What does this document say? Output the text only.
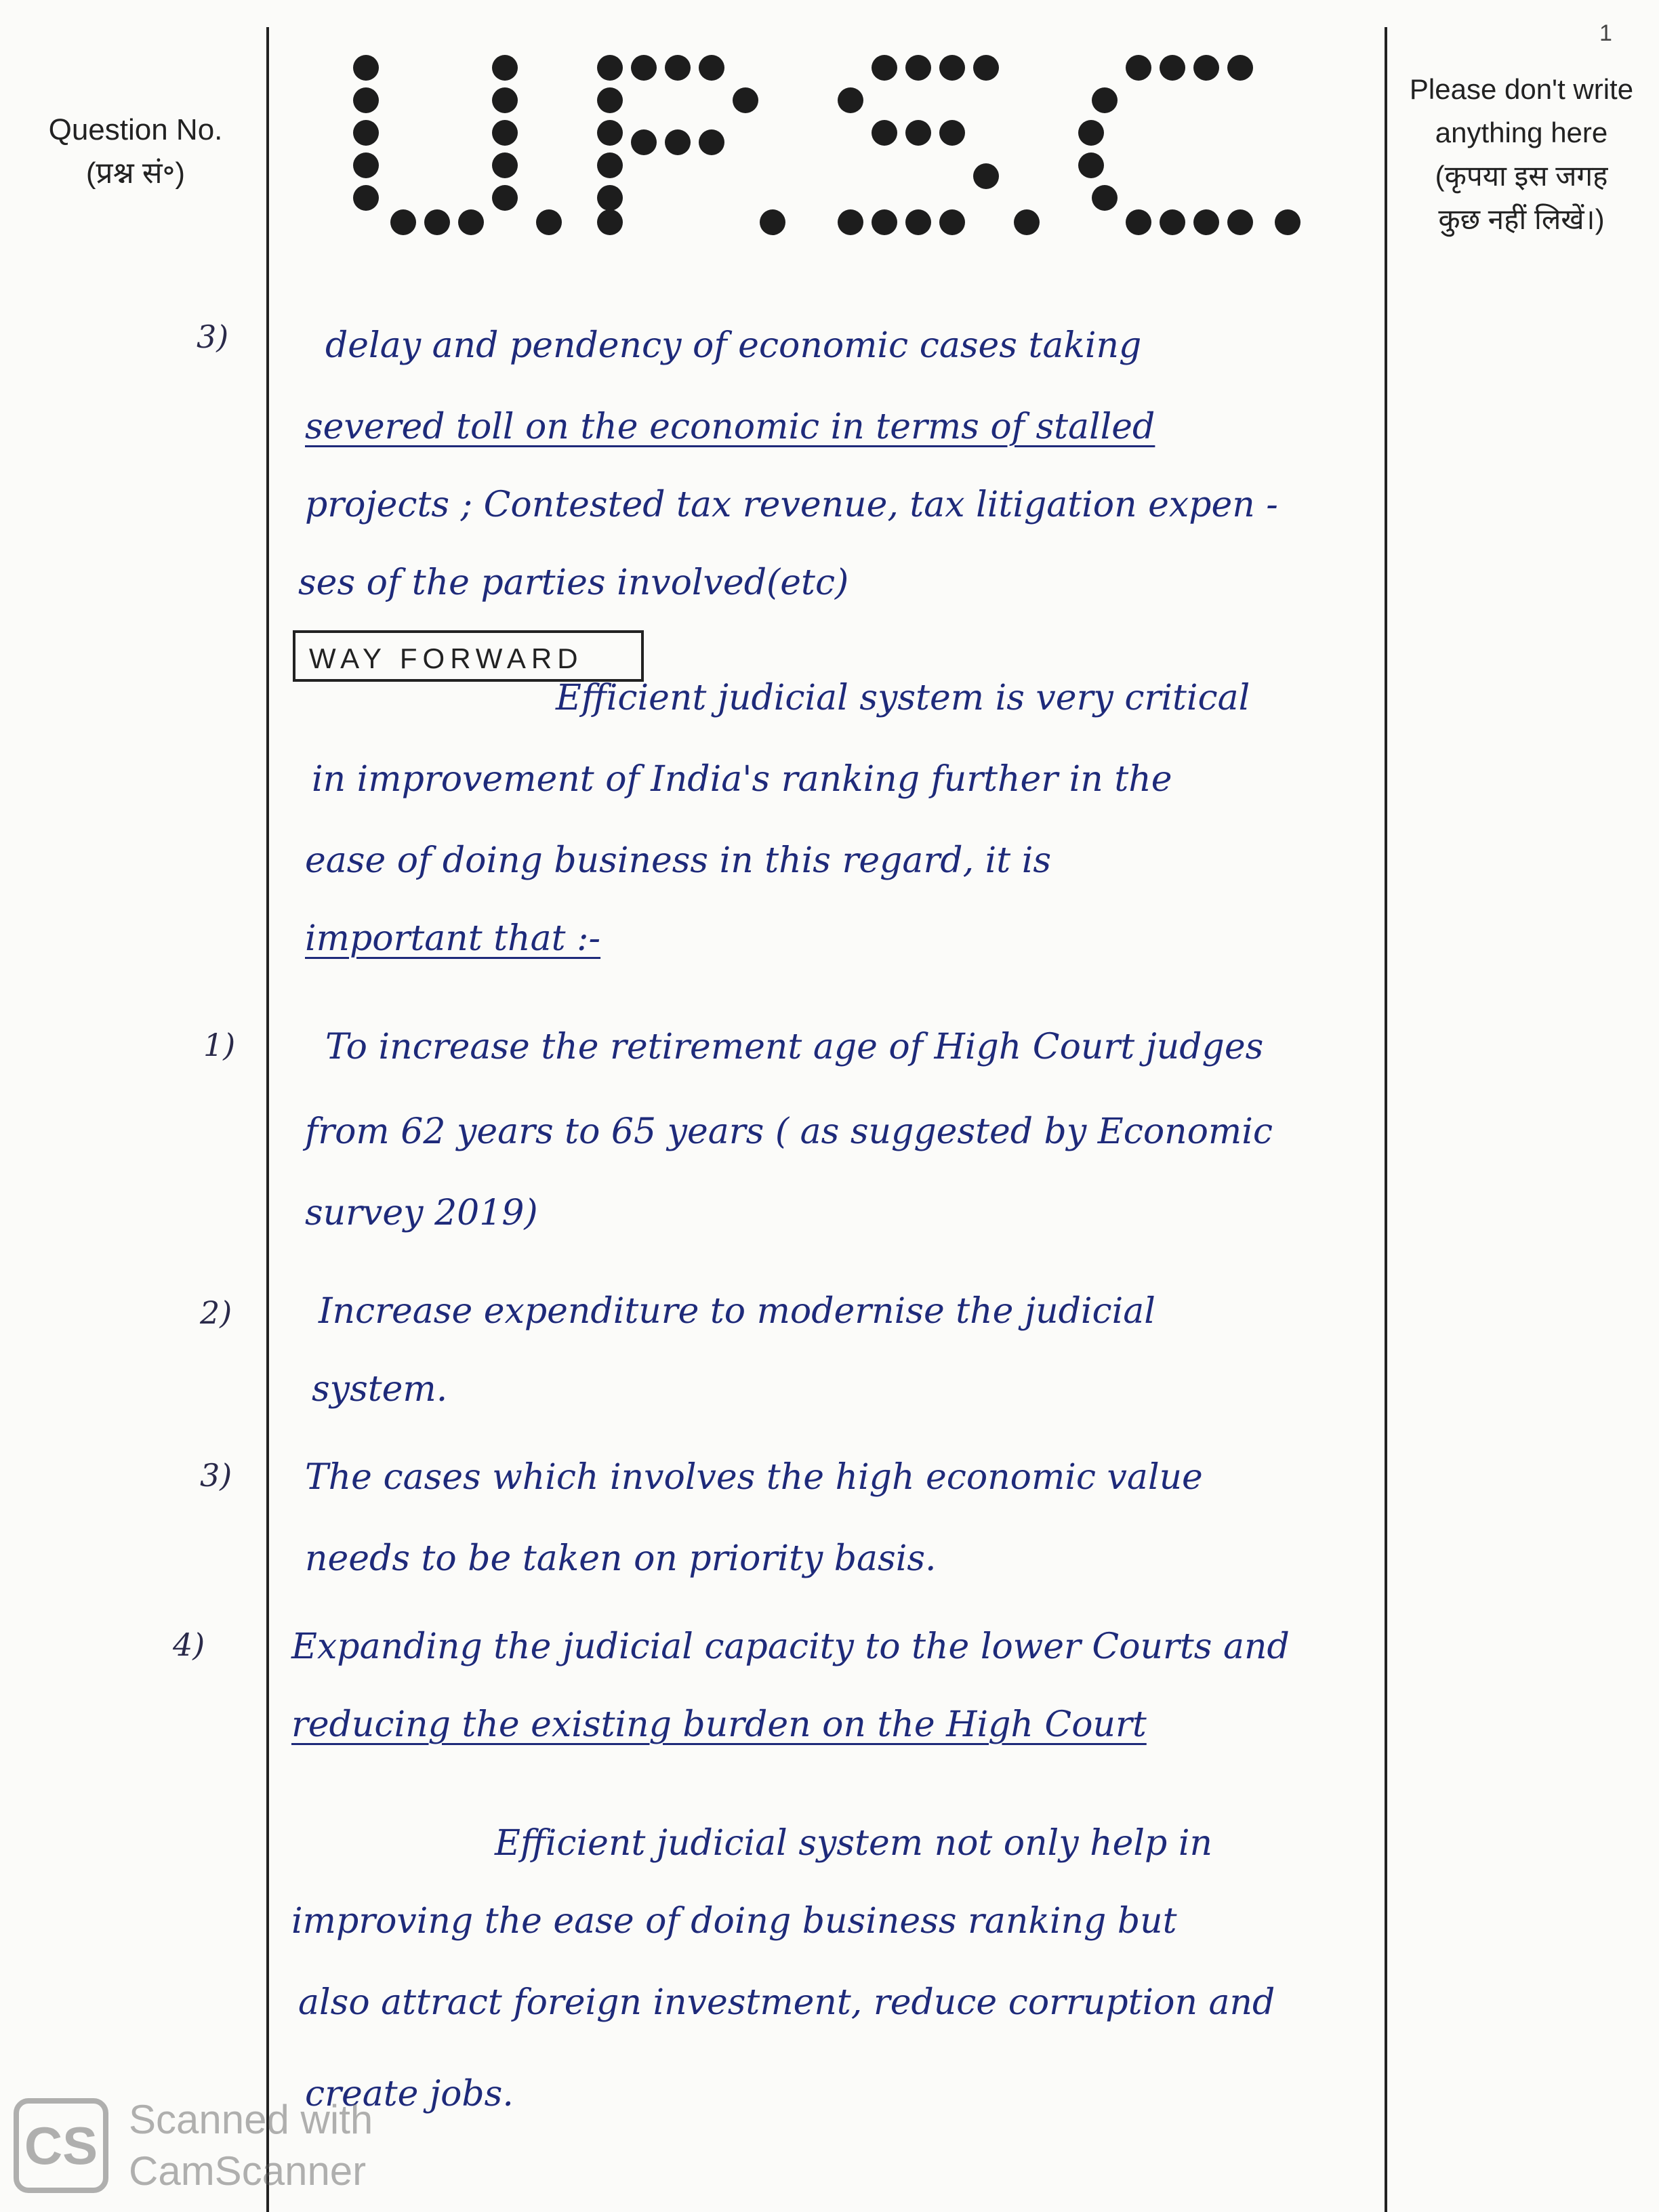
1
Question No.
(प्रश्न सं॰)
Please don't write
anything here
(कृपया इस जगह
कुछ नहीं लिखें।)
3)	delay and pendency of economic cases taking
severed toll on the economic in terms of stalled
projects ; Contested tax revenue, tax litigation expen -
ses of the parties involved(etc)
WAY FORWARD
Efficient judicial system is very critical
in improvement of India's ranking further in the
ease of doing business in this regard, it is
important that :-
1)	To increase the retirement age of High Court judges
from 62 years to 65 years ( as suggested by Economic
survey 2019)
2) Increase expenditure to modernise the judicial
system.
3) The cases which involves the high economic value
needs to be taken on priority basis.
4) Expanding the judicial capacity to the lower Courts and
reducing the existing burden on the High Court
Efficient judicial system not only help in
improving the ease of doing business ranking but
also attract foreign investment, reduce corruption and
create jobs.
CS Scanned with
CamScanner
